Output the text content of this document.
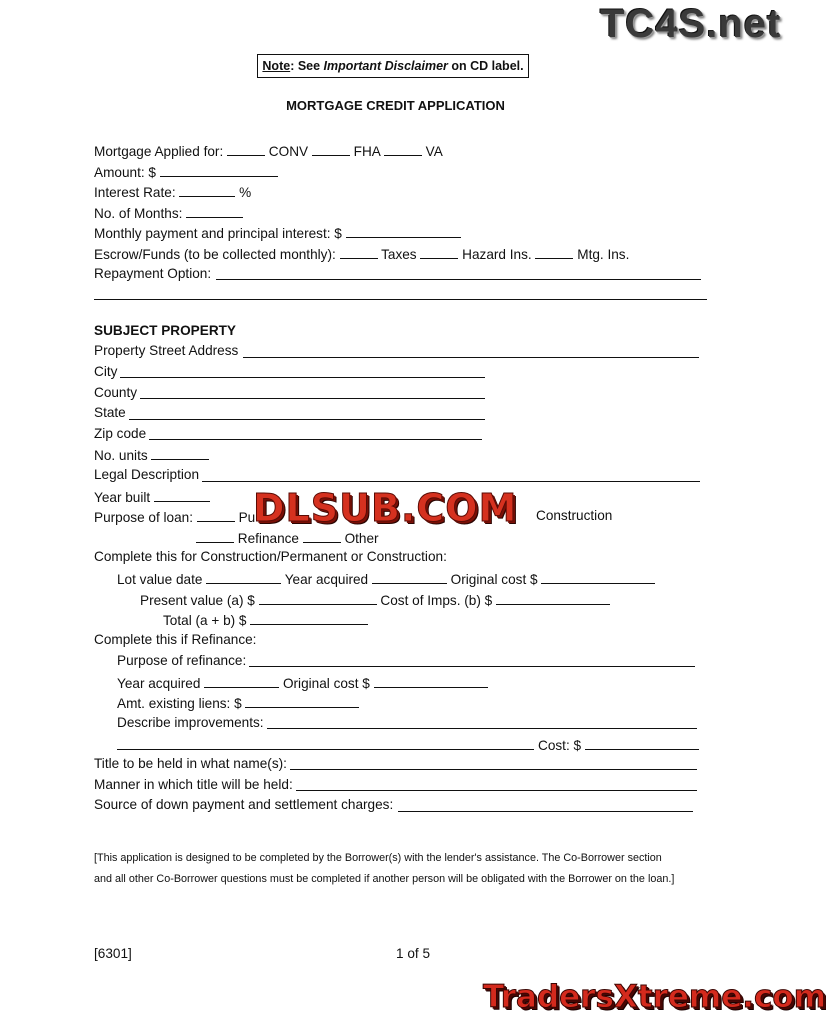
TC4S.net
DLSUB.COM
TradersXtreme.com
Note: See Important Disclaimer on CD label.
MORTGAGE CREDIT APPLICATION
Mortgage Applied for:	CONV	FHA	VA
Amount: $
Interest Rate:	%
No. of Months:
Monthly payment and principal interest: $
Escrow/Funds (to be collected monthly):	Taxes	Hazard Ins.	Mtg. Ins.
Repayment Option:
SUBJECT PROPERTY
Property Street Address
City
County
State
Zip code
No. units
Legal Description
Year built
Purpose of loan:	Pu	Construction
Refinance	Other
Complete this for Construction/Permanent or Construction:
Lot value date	Year acquired	Original cost $
Present value (a) $	Cost of Imps. (b) $
Total (a + b) $
Complete this if Refinance:
Purpose of refinance:
Year acquired	Original cost $
Amt. existing liens: $
Describe improvements:
Cost: $
Title to be held in what name(s):
Manner in which title will be held:
Source of down payment and settlement charges:
[This application is designed to be completed by the Borrower(s) with the lender's assistance. The Co-Borrower section
and all other Co-Borrower questions must be completed if another person will be obligated with the Borrower on the loan.]
[6301]	1 of 5
